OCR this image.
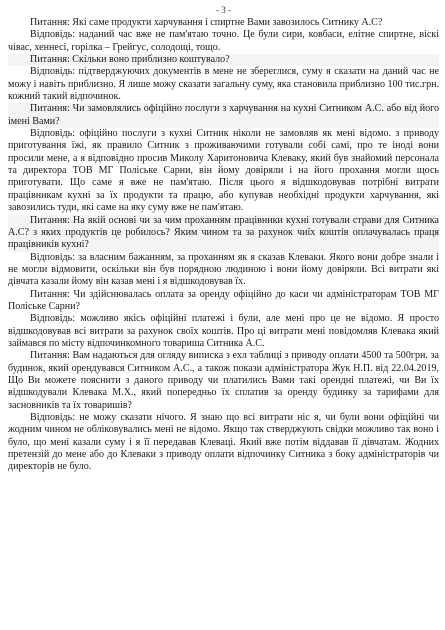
- 3 -

Питання: Які саме продукти харчування і спиртне Вами завозилось Ситнику А.С?

Відповідь: наданий час вже не пам'ятаю точно. Це були сири, ковбаси, елітне спиртне, віскі чівас, хеннесі, горілка – Грейгус, солодощі, тощо.

Питання: Скільки воно приблизно коштувало?

Відповідь: підтверджуючих документів в мене не збереглися, суму я сказати на даний час не можу і навіть приблизно. Я лише можу сказати загальну суму, яка становила приблизно 100 тис.грн. кожний такий відпочинок.

Питання: Чи замовлялись офіційно послуги з харчування на кухні Ситником А.С. або від його імені Вами?

Відповідь: офіційно послуги з кухні Ситник ніколи не замовляв як мені відомо. з приводу приготування їжі, як правило Ситник з проживаючими готували собі самі, про те іноді вони просили мене, а я відповідно просив Миколу Харитоновича Клеваку, який був знайомий персонала та директора ТОВ МГ Поліське Сарни, він йому довіряли і на його прохання могли щось приготувати. Що саме я вже не пам'ятаю. Після цього я відшкодовував потрібні витрати працівникам кухні за їх продукти та працю, або купував необхідні продукти харчування, які завозились туди, які саме на яку суму вже не пам'ятаю.

Питання: На якій основі чи за чим проханням працівники кухні готували страви для Ситника А.С? з яких продуктів це робилось? Яким чином та за рахунок чиїх коштів оплачувалась праця працівників кухні?

Відповідь: за власним бажанням, за проханням як я сказав Клеваки. Якого вони добре знали і не могли відмовити, оскільки він був порядною людиною і вони йому довіряли. Всі витрати які дівчата казали йому він казав мені і я відшкодовував їх.

Питання: Чи здійснювалась оплата за оренду офіційно до каси чи адміністраторам ТОВ МГ Поліське Сарни?

Відповідь: можливо якісь офіційні платежі і були, але мені про це не відомо. Я просто відшкодовував всі витрати за рахунок своїх коштів. Про ці витрати мені повідомляв Клевака який займався по місту відпочинкомного товариша Ситника А.С.

Питання: Вам надаються для огляду виписка з ехл таблиці з приводу оплати 4500 та 500грн. за будинок, який орендувався Ситником А.С., а також покази адміністратора Жук Н.П. від 22.04.2019, Що Ви можете пояснити з даного приводу чи платились Вами такі орендні платежі, чи Ви їх відшкодували Клевака М.Х., який попередньо їх сплатив за оренду будинку за тарифами для засновників та їх товаришів?

Відповідь: не можу сказати нічого. Я знаю що всі витрати ніс я, чи були вони офіційні чи жодним чином не обліковувались мені не відомо. Якщо так стверджують свідки можливо так воно і було, що мені казали суму і я її передавав Клеваці. Який вже потім віддавав її дівчатам. Жодних претензій до мене або до Клеваки з приводу оплати відпочинку Ситника з боку адміністраторів чи директорів не було.
